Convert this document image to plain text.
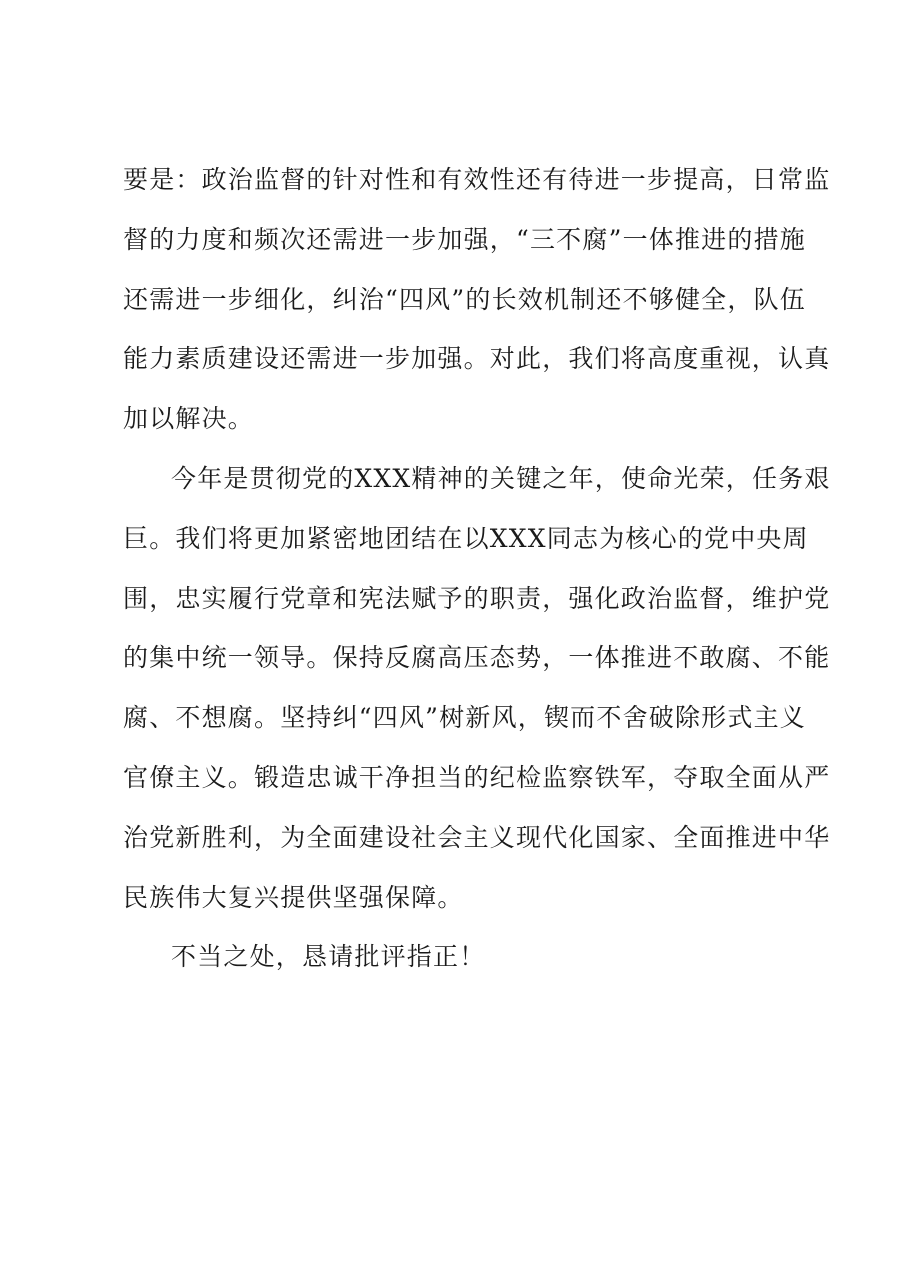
要是：政治监督的针对性和有效性还有待进一步提高，日常监
督的力度和频次还需进一步加强，“三不腐”一体推进的措施
还需进一步细化，纠治“四风”的长效机制还不够健全，队伍
能力素质建设还需进一步加强。对此，我们将高度重视，认真
加以解决。
今年是贯彻党的XXX精神的关键之年，使命光荣，任务艰
巨。我们将更加紧密地团结在以XXX同志为核心的党中央周
围，忠实履行党章和宪法赋予的职责，强化政治监督，维护党
的集中统一领导。保持反腐高压态势，一体推进不敢腐、不能
腐、不想腐。坚持纠“四风”树新风，锲而不舍破除形式主义
官僚主义。锻造忠诚干净担当的纪检监察铁军，夺取全面从严
治党新胜利，为全面建设社会主义现代化国家、全面推进中华
民族伟大复兴提供坚强保障。
不当之处，恳请批评指正！
